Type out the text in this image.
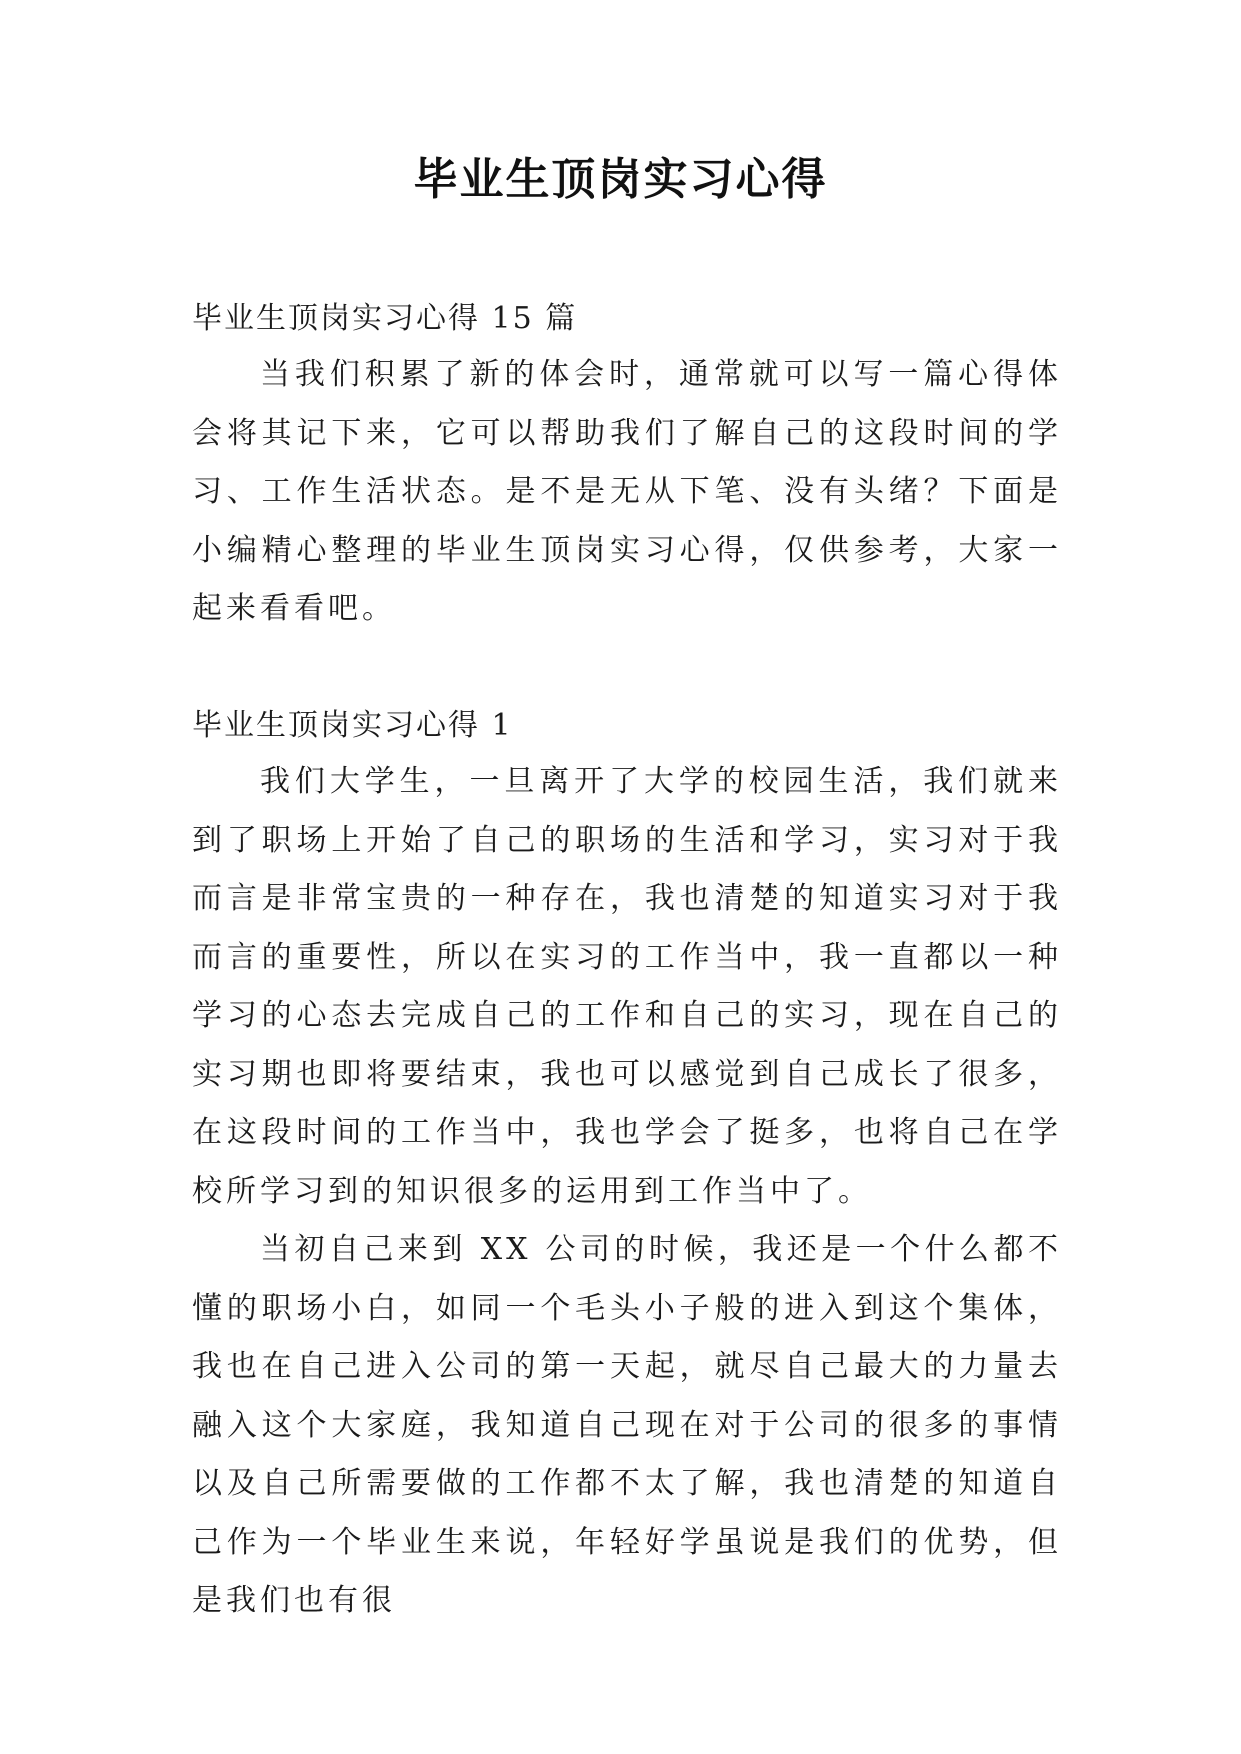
毕业生顶岗实习心得
毕业生顶岗实习心得 15 篇

当我们积累了新的体会时，通常就可以写一篇心得体会将其记下来，它可以帮助我们了解自己的这段时间的学习、工作生活状态。是不是无从下笔、没有头绪？下面是小编精心整理的毕业生顶岗实习心得，仅供参考，大家一起来看看吧。

毕业生顶岗实习心得 1

我们大学生，一旦离开了大学的校园生活，我们就来到了职场上开始了自己的职场的生活和学习，实习对于我而言是非常宝贵的一种存在，我也清楚的知道实习对于我而言的重要性，所以在实习的工作当中，我一直都以一种学习的心态去完成自己的工作和自己的实习，现在自己的实习期也即将要结束，我也可以感觉到自己成长了很多，在这段时间的工作当中，我也学会了挺多，也将自己在学校所学习到的知识很多的运用到工作当中了。

当初自己来到 XX 公司的时候，我还是一个什么都不懂的职场小白，如同一个毛头小子般的进入到这个集体，我也在自己进入公司的第一天起，就尽自己最大的力量去融入这个大家庭，我知道自己现在对于公司的很多的事情以及自己所需要做的工作都不太了解，我也清楚的知道自己作为一个毕业生来说，年轻好学虽说是我们的优势，但是我们也有很
